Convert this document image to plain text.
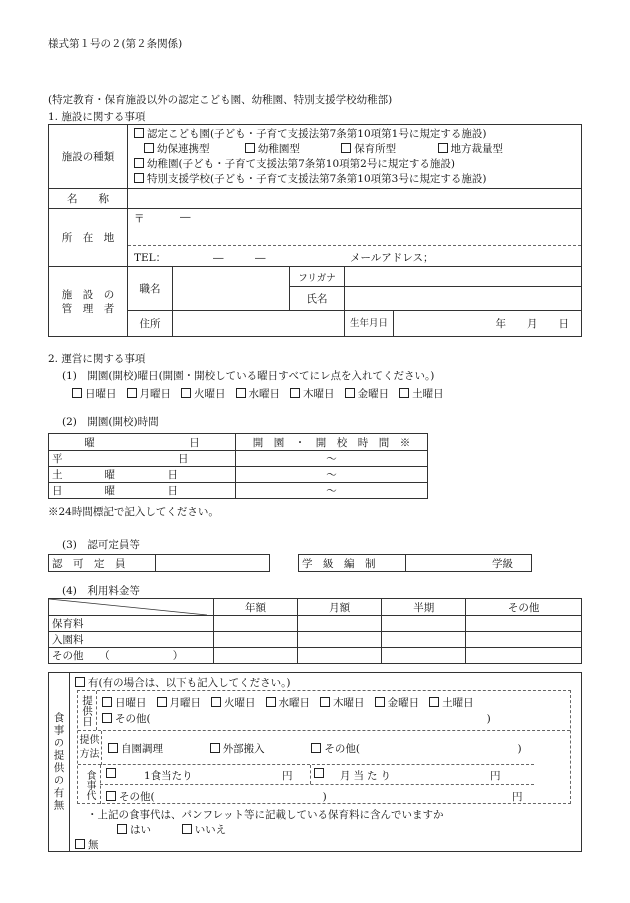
様式第１号の２(第２条関係)
(特定教育・保育施設以外の認定こども園、幼稚園、特別支援学校幼稚部)
1. 施設に関する事項
施設の種類	認定こども園(子ども・子育て支援法第7条第10項第1号に規定する施設)
幼保連携型 幼稚園型 保育所型 地方裁量型
幼稚園(子ども・子育て支援法第7条第10項第2号に規定する施設)
特別支援学校(子ども・子育て支援法第7条第10項第3号に規定する施設)				

名　　称					
所　在　地	〒 ―
TEL： ―　　　― メールアドレス；				

施　設　の
管　理　者	職名		フリガナ		
			氏名		
	住所			生年月日	年　　月　　日
2. 運営に関する事項
(1)　開園(開校)曜日(開園・開校している曜日すべてにレ点を入れてください。)
日曜日 月曜日 火曜日 水曜日 木曜日 金曜日 土曜日
(2)　開園(開校)時間
曜　　　　　　　　　日	開　園　・　開　校　時　間　※
平　　　　　　　　　　　日	～
土　　　　曜　　　　　日	～
日　　　　曜　　　　　日	～
※24時間標記で記入してください。
(3)　認可定員等
認　可　定　員		学　級　編　制	学級
(4)　利用料金等
	年額	月額	半期	その他
保育料				
入園料				
その他　　（　　　　　　）				
食事の提供の有無
有(有の場合は、以下も記入してください。)
提供日	日曜日 月曜日 火曜日 水曜日 木曜日 金曜日 土曜日
その他(　　　　　　　　　　　　　　　　　　　　　　　　　　　　　　　　)
提供方法	自園調理	外部搬入	その他(　　　　　　　　　　　　　　　)
食事代	1食当たり	円	月当たり	円
その他(　　　　　　　　　　　　　　　　)	円
・上記の食事代は、パンフレット等に記載している保育料に含んでいますか
はい	いいえ
無
